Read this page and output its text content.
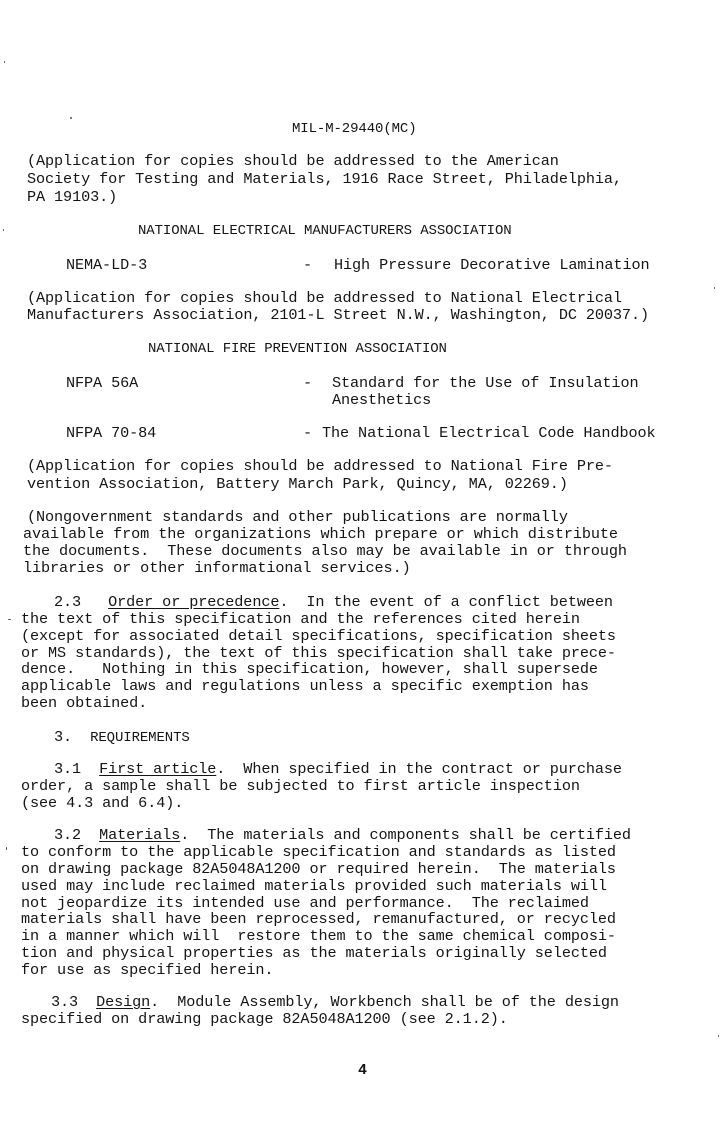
MIL-M-29440(MC)
(Application for copies should be addressed to the American
Society for Testing and Materials, 1916 Race Street, Philadelphia,
PA 19103.)
NATIONAL ELECTRICAL MANUFACTURERS ASSOCIATION
NEMA-LD-3	- High Pressure Decorative Lamination
(Application for copies should be addressed to National Electrical
Manufacturers Association, 2101-L Street N.W., Washington, DC 20037.)
NATIONAL FIRE PREVENTION ASSOCIATION
NFPA 56A	- Standard for the Use of Insulation
Anesthetics
NFPA 70-84	- The National Electrical Code Handbook
(Application for copies should be addressed to National Fire Pre-
vention Association, Battery March Park, Quincy, MA, 02269.)
(Nongovernment standards and other publications are normally
available from the organizations which prepare or which distribute
the documents.  These documents also may be available in or through
libraries or other informational services.)
2.3 Order or precedence.  In the event of a conflict between
the text of this specification and the references cited herein
(except for associated detail specifications, specification sheets
or MS standards), the text of this specification shall take prece-
dence.   Nothing in this specification, however, shall supersede
applicable laws and regulations unless a specific exemption has
been obtained.
3. REQUIREMENTS
3.1 First article.  When specified in the contract or purchase
order, a sample shall be subjected to first article inspection
(see 4.3 and 6.4).
3.2 Materials.  The materials and components shall be certified
to conform to the applicable specification and standards as listed
on drawing package 82A5048A1200 or required herein.  The materials
used may include reclaimed materials provided such materials will
not jeopardize its intended use and performance.  The reclaimed
materials shall have been reprocessed, remanufactured, or recycled
in a manner which will  restore them to the same chemical composi-
tion and physical properties as the materials originally selected
for use as specified herein.
3.3 Design.  Module Assembly, Workbench shall be of the design
specified on drawing package 82A5048A1200 (see 2.1.2).
4
